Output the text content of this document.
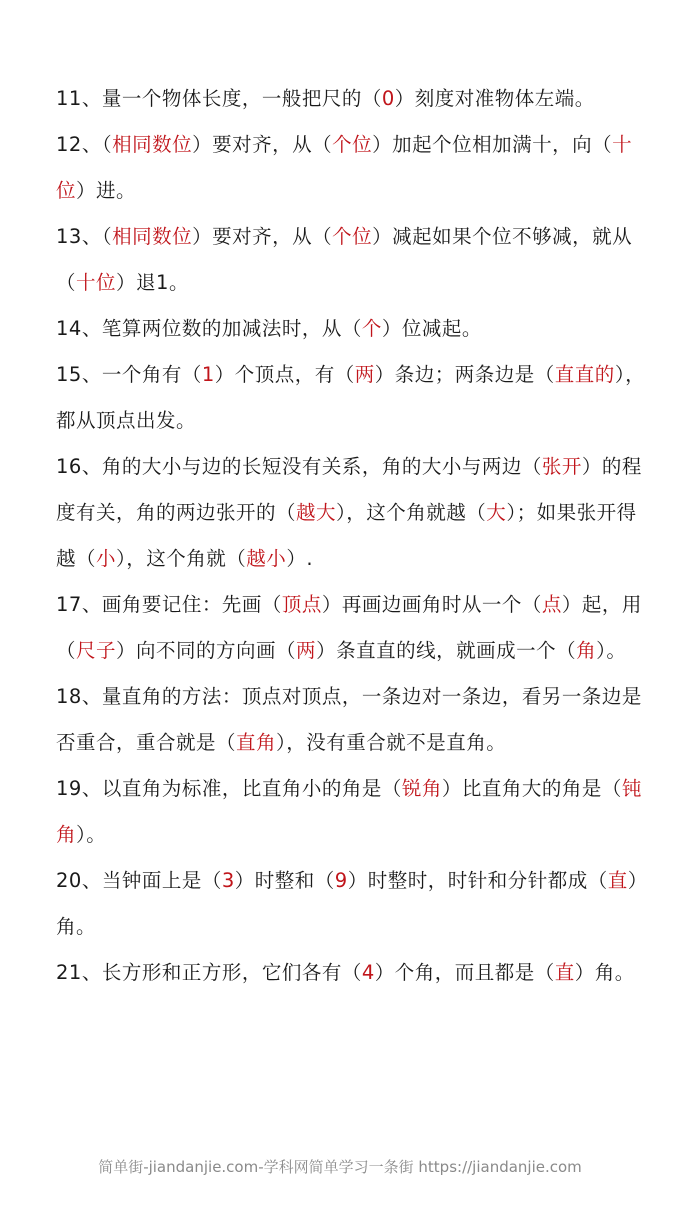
11、量一个物体长度，一般把尺的（0）刻度对准物体左端。
12、（相同数位）要对齐，从（个位）加起个位相加满十，向（十位）进。
13、（相同数位）要对齐，从（个位）减起如果个位不够减，就从（十位）退1。
14、笔算两位数的加减法时，从（个）位减起。
15、一个角有（1）个顶点，有（两）条边；两条边是（直直的），都从顶点出发。
16、角的大小与边的长短没有关系，角的大小与两边（张开）的程度有关，角的两边张开的（越大），这个角就越（大）；如果张开得越（小），这个角就（越小）.
17、画角要记住：先画（顶点）再画边画角时从一个（点）起，用（尺子）向不同的方向画（两）条直直的线，就画成一个（角）。
18、量直角的方法：顶点对顶点，一条边对一条边，看另一条边是否重合，重合就是（直角），没有重合就不是直角。
19、以直角为标准，比直角小的角是（锐角）比直角大的角是（钝角）。
20、当钟面上是（3）时整和（9）时整时，时针和分针都成（直）角。
21、长方形和正方形，它们各有（4）个角，而且都是（直）角。
简单街-jiandanjie.com-学科网简单学习一条街 https://jiandanjie.com
